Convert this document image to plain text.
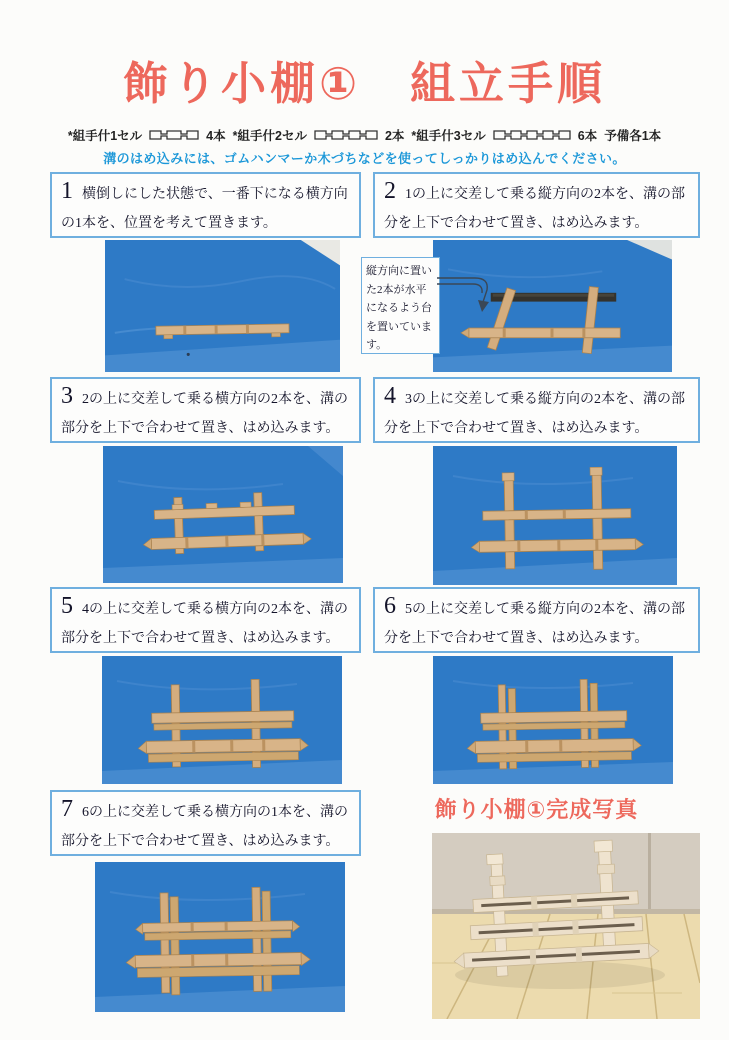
飾り小棚①　組立手順
*組手什1セル	4本 *組手什2セル	2本 *組手什3セル	6本 予備各1本
溝のはめ込みには、ゴムハンマーか木づちなどを使ってしっかりはめ込んでください。
1 横倒しにした状態で、一番下になる横方向の1本を、位置を考えて置きます。
2 1の上に交差して乗る縦方向の2本を、溝の部分を上下で合わせて置き、はめ込みます。
縦方向に置いた2本が水平になるよう台を置いています。
3 2の上に交差して乗る横方向の2本を、溝の部分を上下で合わせて置き、はめ込みます。
4 3の上に交差して乗る縦方向の2本を、溝の部分を上下で合わせて置き、はめ込みます。
5 4の上に交差して乗る横方向の2本を、溝の部分を上下で合わせて置き、はめ込みます。
6 5の上に交差して乗る縦方向の2本を、溝の部分を上下で合わせて置き、はめ込みます。
7 6の上に交差して乗る横方向の1本を、溝の部分を上下で合わせて置き、はめ込みます。
飾り小棚①完成写真
